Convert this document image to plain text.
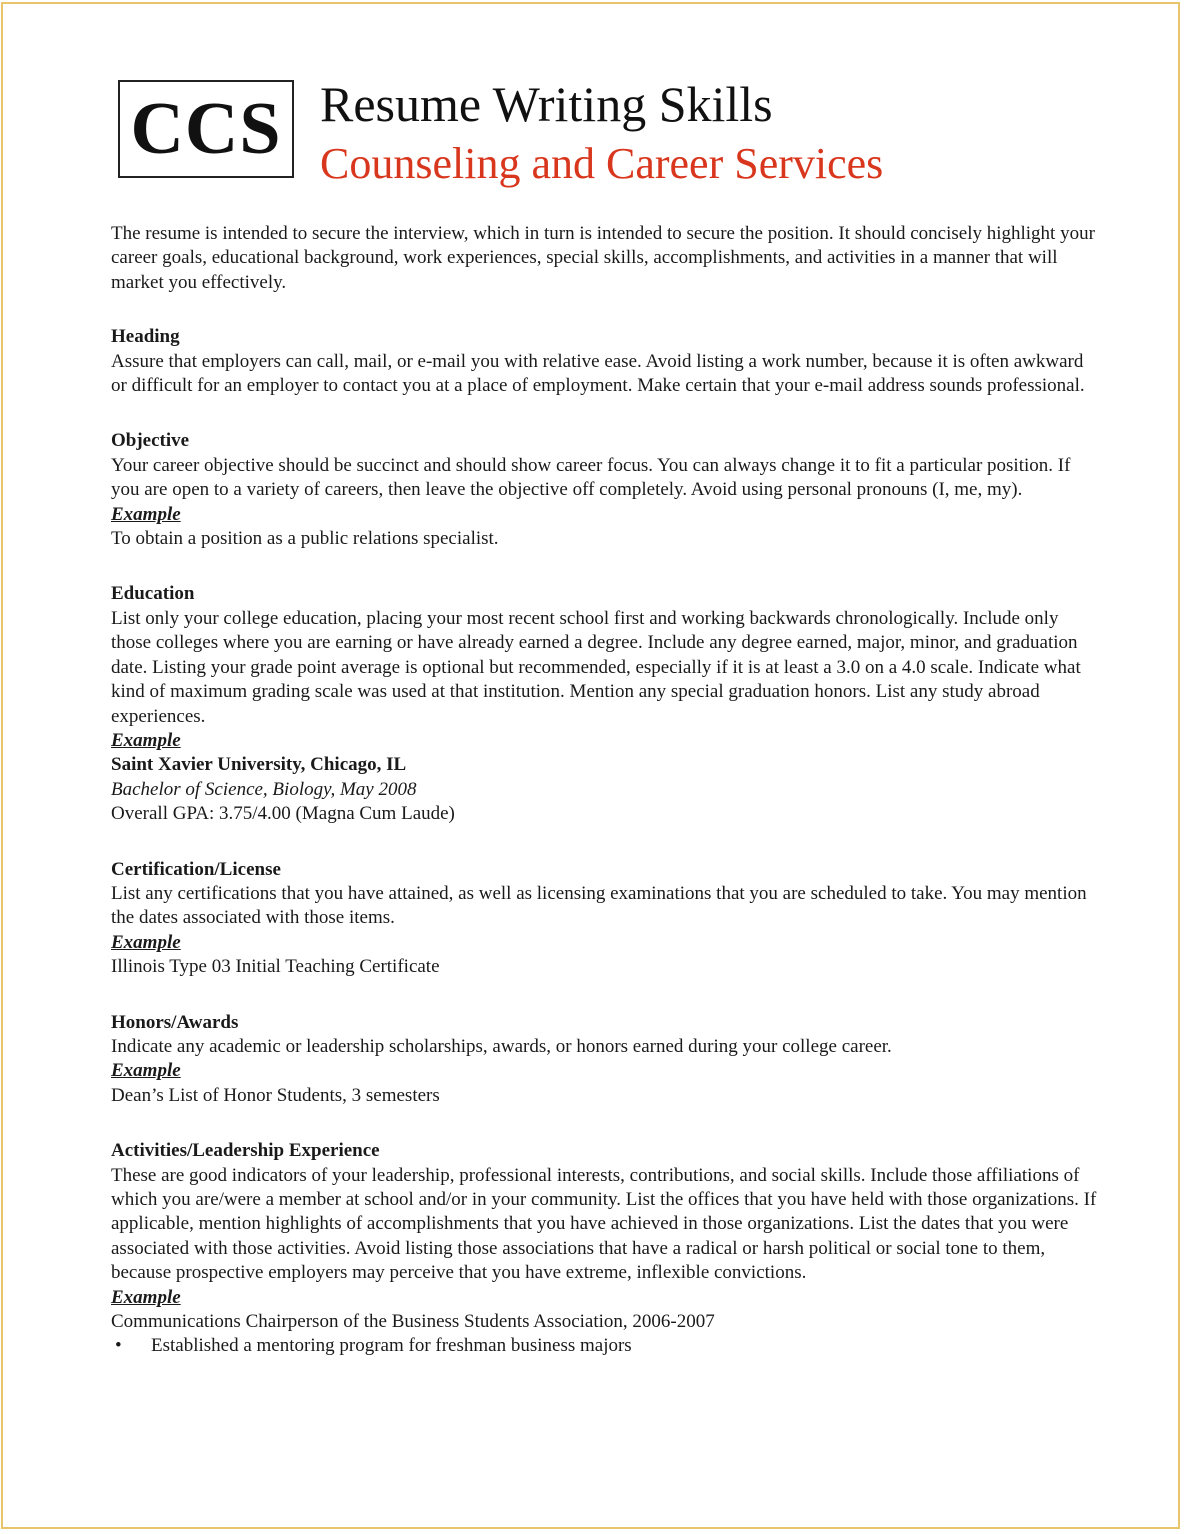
CCS Resume Writing Skills
Counseling and Career Services

The resume is intended to secure the interview, which in turn is intended to secure the position. It should concisely highlight your career goals, educational background, work experiences, special skills, accomplishments, and activities in a manner that will market you effectively.

Heading

Assure that employers can call, mail, or e-mail you with relative ease. Avoid listing a work number, because it is often awkward or difficult for an employer to contact you at a place of employment. Make certain that your e-mail address sounds professional.

Objective

Your career objective should be succinct and should show career focus. You can always change it to fit a particular position. If you are open to a variety of careers, then leave the objective off completely. Avoid using personal pronouns (I, me, my).

Example

To obtain a position as a public relations specialist.

Education

List only your college education, placing your most recent school first and working backwards chronologically. Include only those colleges where you are earning or have already earned a degree. Include any degree earned, major, minor, and graduation date. Listing your grade point average is optional but recommended, especially if it is at least a 3.0 on a 4.0 scale. Indicate what kind of maximum grading scale was used at that institution. Mention any special graduation honors. List any study abroad experiences.

Example

Saint Xavier University, Chicago, IL

Bachelor of Science, Biology, May 2008

Overall GPA: 3.75/4.00 (Magna Cum Laude)

Certification/License

List any certifications that you have attained, as well as licensing examinations that you are scheduled to take. You may mention the dates associated with those items.

Example

Illinois Type 03 Initial Teaching Certificate

Honors/Awards

Indicate any academic or leadership scholarships, awards, or honors earned during your college career.

Example

Dean’s List of Honor Students, 3 semesters

Activities/Leadership Experience

These are good indicators of your leadership, professional interests, contributions, and social skills. Include those affiliations of which you are/were a member at school and/or in your community. List the offices that you have held with those organizations. If applicable, mention highlights of accomplishments that you have achieved in those organizations. List the dates that you were associated with those activities. Avoid listing those associations that have a radical or harsh political or social tone to them, because prospective employers may perceive that you have extreme, inflexible convictions.

Example

Communications Chairperson of the Business Students Association, 2006-2007

•	Established a mentoring program for freshman business majors
